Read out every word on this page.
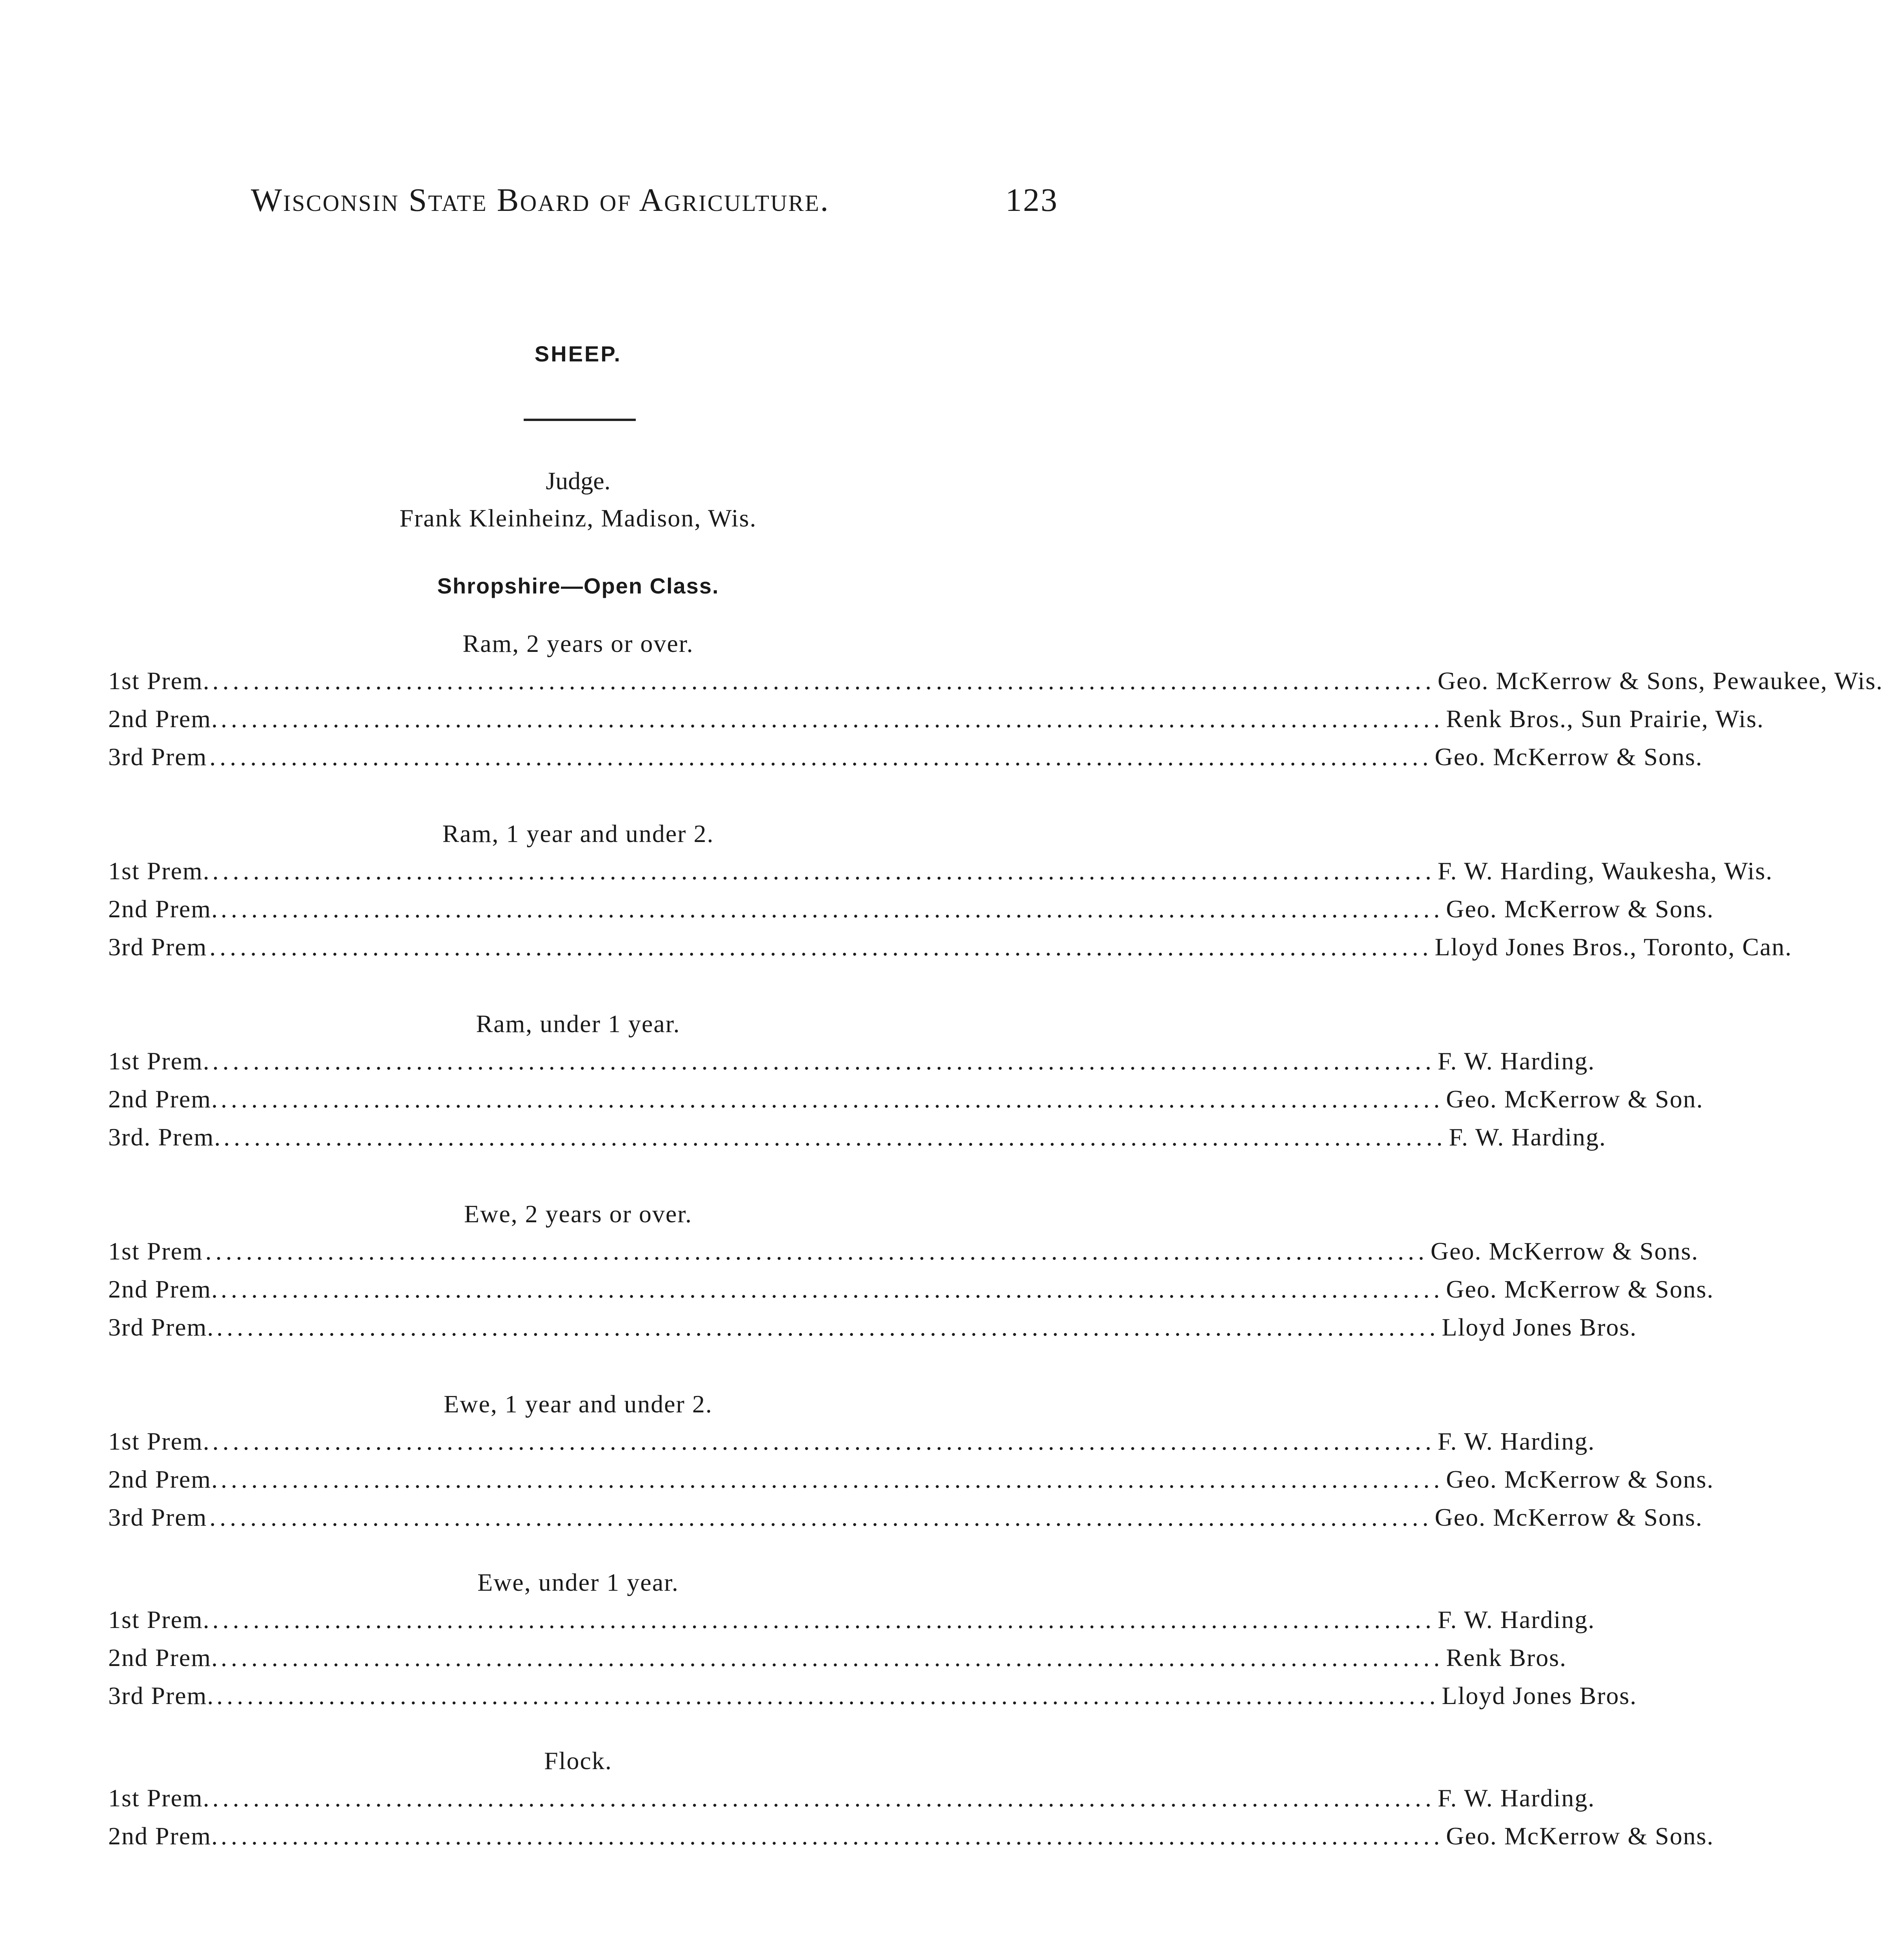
Wisconsin State Board of Agriculture.	123
SHEEP.
Judge.
Frank Kleinheinz, Madison, Wis.
Shropshire—Open Class.
Ram, 2 years or over.
1st Prem. ........................................................................................................................ Geo. McKerrow & Sons, Pewaukee, Wis.
2nd Prem. ........................................................................................................................ Renk Bros., Sun Prairie, Wis.
3rd Prem ........................................................................................................................ Geo. McKerrow & Sons.
Ram, 1 year and under 2.
1st Prem. ........................................................................................................................ F. W. Harding, Waukesha, Wis.
2nd Prem. ........................................................................................................................ Geo. McKerrow & Sons.
3rd Prem ........................................................................................................................ Lloyd Jones Bros., Toronto, Can.
Ram, under 1 year.
1st Prem. ........................................................................................................................ F. W. Harding.
2nd Prem. ........................................................................................................................ Geo. McKerrow & Son.
3rd. Prem. ........................................................................................................................ F. W. Harding.
Ewe, 2 years or over.
1st Prem ........................................................................................................................ Geo. McKerrow & Sons.
2nd Prem. ........................................................................................................................ Geo. McKerrow & Sons.
3rd Prem. ........................................................................................................................ Lloyd Jones Bros.
Ewe, 1 year and under 2.
1st Prem. ........................................................................................................................ F. W. Harding.
2nd Prem. ........................................................................................................................ Geo. McKerrow & Sons.
3rd Prem ........................................................................................................................ Geo. McKerrow & Sons.
Ewe, under 1 year.
1st Prem. ........................................................................................................................ F. W. Harding.
2nd Prem. ........................................................................................................................ Renk Bros.
3rd Prem. ........................................................................................................................ Lloyd Jones Bros.
Flock.
1st Prem. ........................................................................................................................ F. W. Harding.
2nd Prem. ........................................................................................................................ Geo. McKerrow & Sons.
